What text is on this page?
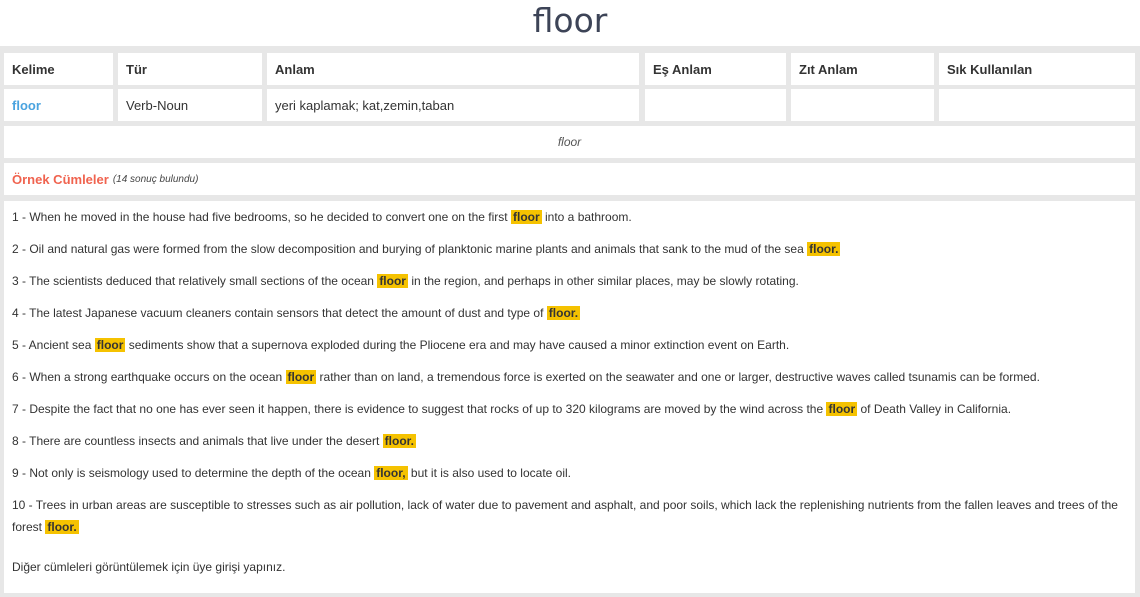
floor
Kelime	Tür	Anlam	Eş Anlam	Zıt Anlam	Sık Kullanılan
floor	Verb-Noun	yeri kaplamak; kat,zemin,taban
floor
Örnek Cümleler (14 sonuç bulundu)
1 - When he moved in the house had five bedrooms, so he decided to convert one on the first floor into a bathroom.
2 - Oil and natural gas were formed from the slow decomposition and burying of planktonic marine plants and animals that sank to the mud of the sea floor.
3 - The scientists deduced that relatively small sections of the ocean floor in the region, and perhaps in other similar places, may be slowly rotating.
4 - The latest Japanese vacuum cleaners contain sensors that detect the amount of dust and type of floor.
5 - Ancient sea floor sediments show that a supernova exploded during the Pliocene era and may have caused a minor extinction event on Earth.
6 - When a strong earthquake occurs on the ocean floor rather than on land, a tremendous force is exerted on the seawater and one or larger, destructive waves called tsunamis can be formed.
7 - Despite the fact that no one has ever seen it happen, there is evidence to suggest that rocks of up to 320 kilograms are moved by the wind across the floor of Death Valley in California.
8 - There are countless insects and animals that live under the desert floor.
9 - Not only is seismology used to determine the depth of the ocean floor, but it is also used to locate oil.
10 - Trees in urban areas are susceptible to stresses such as air pollution, lack of water due to pavement and asphalt, and poor soils, which lack the replenishing nutrients from the fallen leaves and trees of the forest floor.
Diğer cümleleri görüntülemek için üye girişi yapınız.
